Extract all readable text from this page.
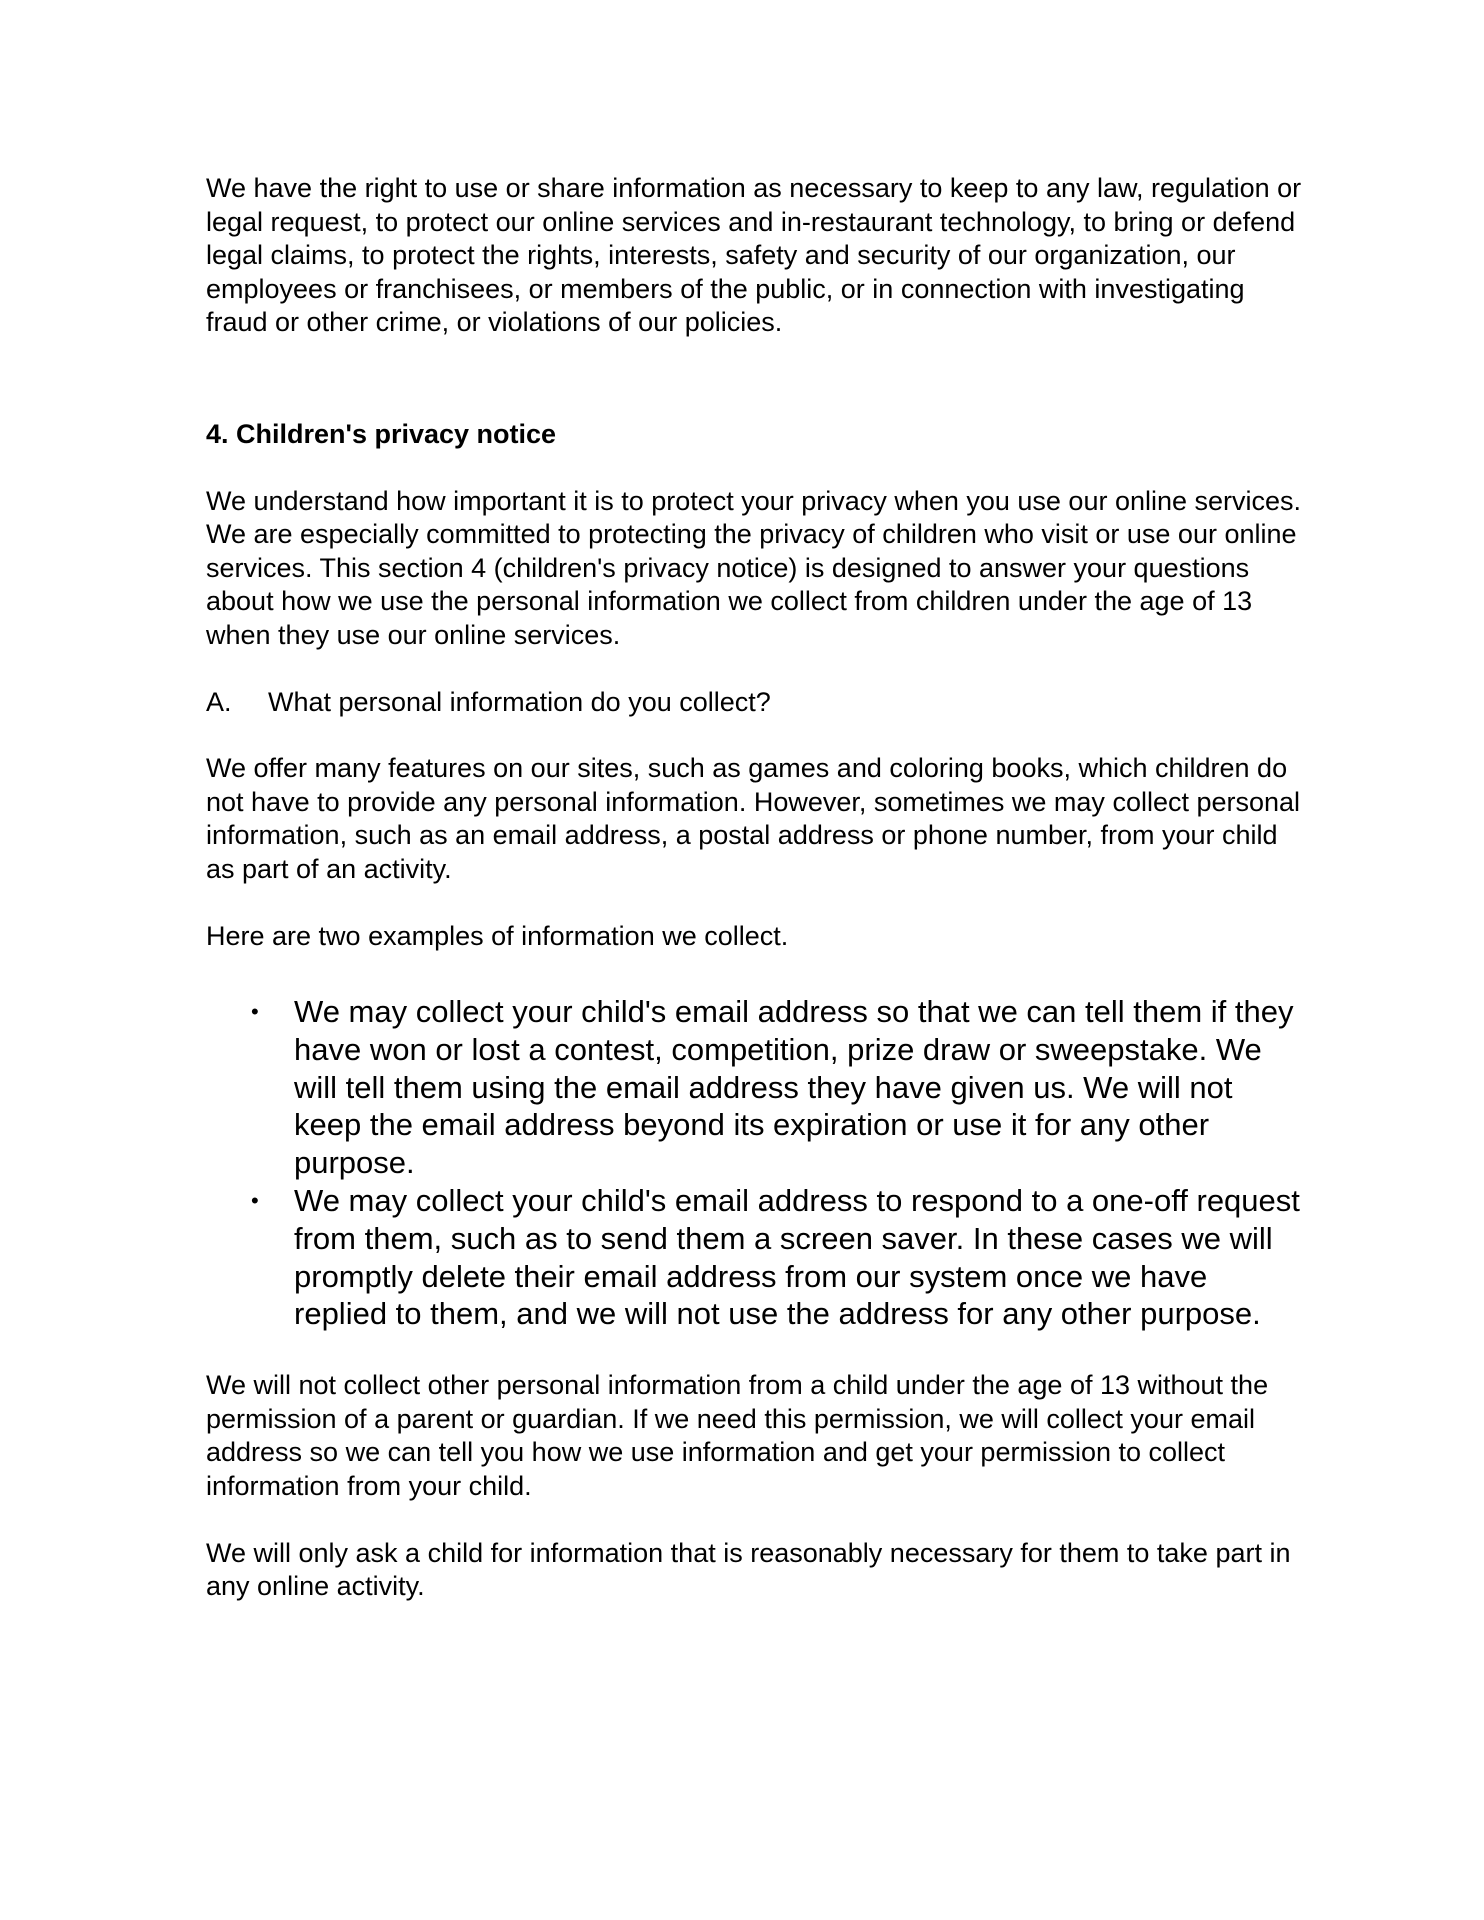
We have the right to use or share information as necessary to keep to any law, regulation or legal request, to protect our online services and in-restaurant technology, to bring or defend legal claims, to protect the rights, interests, safety and security of our organization, our employees or franchisees, or members of the public, or in connection with investigating fraud or other crime, or violations of our policies.

4. Children's privacy notice

We understand how important it is to protect your privacy when you use our online services. We are especially committed to protecting the privacy of children who visit or use our online services. This section 4 (children's privacy notice) is designed to answer your questions about how we use the personal information we collect from children under the age of 13 when they use our online services.

A. What personal information do you collect?

We offer many features on our sites, such as games and coloring books, which children do not have to provide any personal information. However, sometimes we may collect personal information, such as an email address, a postal address or phone number, from your child as part of an activity.

Here are two examples of information we collect.

• We may collect your child's email address so that we can tell them if they have won or lost a contest, competition, prize draw or sweepstake. We will tell them using the email address they have given us. We will not keep the email address beyond its expiration or use it for any other purpose.
• We may collect your child's email address to respond to a one-off request from them, such as to send them a screen saver. In these cases we will promptly delete their email address from our system once we have replied to them, and we will not use the address for any other purpose.

We will not collect other personal information from a child under the age of 13 without the permission of a parent or guardian. If we need this permission, we will collect your email address so we can tell you how we use information and get your permission to collect information from your child.

We will only ask a child for information that is reasonably necessary for them to take part in any online activity.
